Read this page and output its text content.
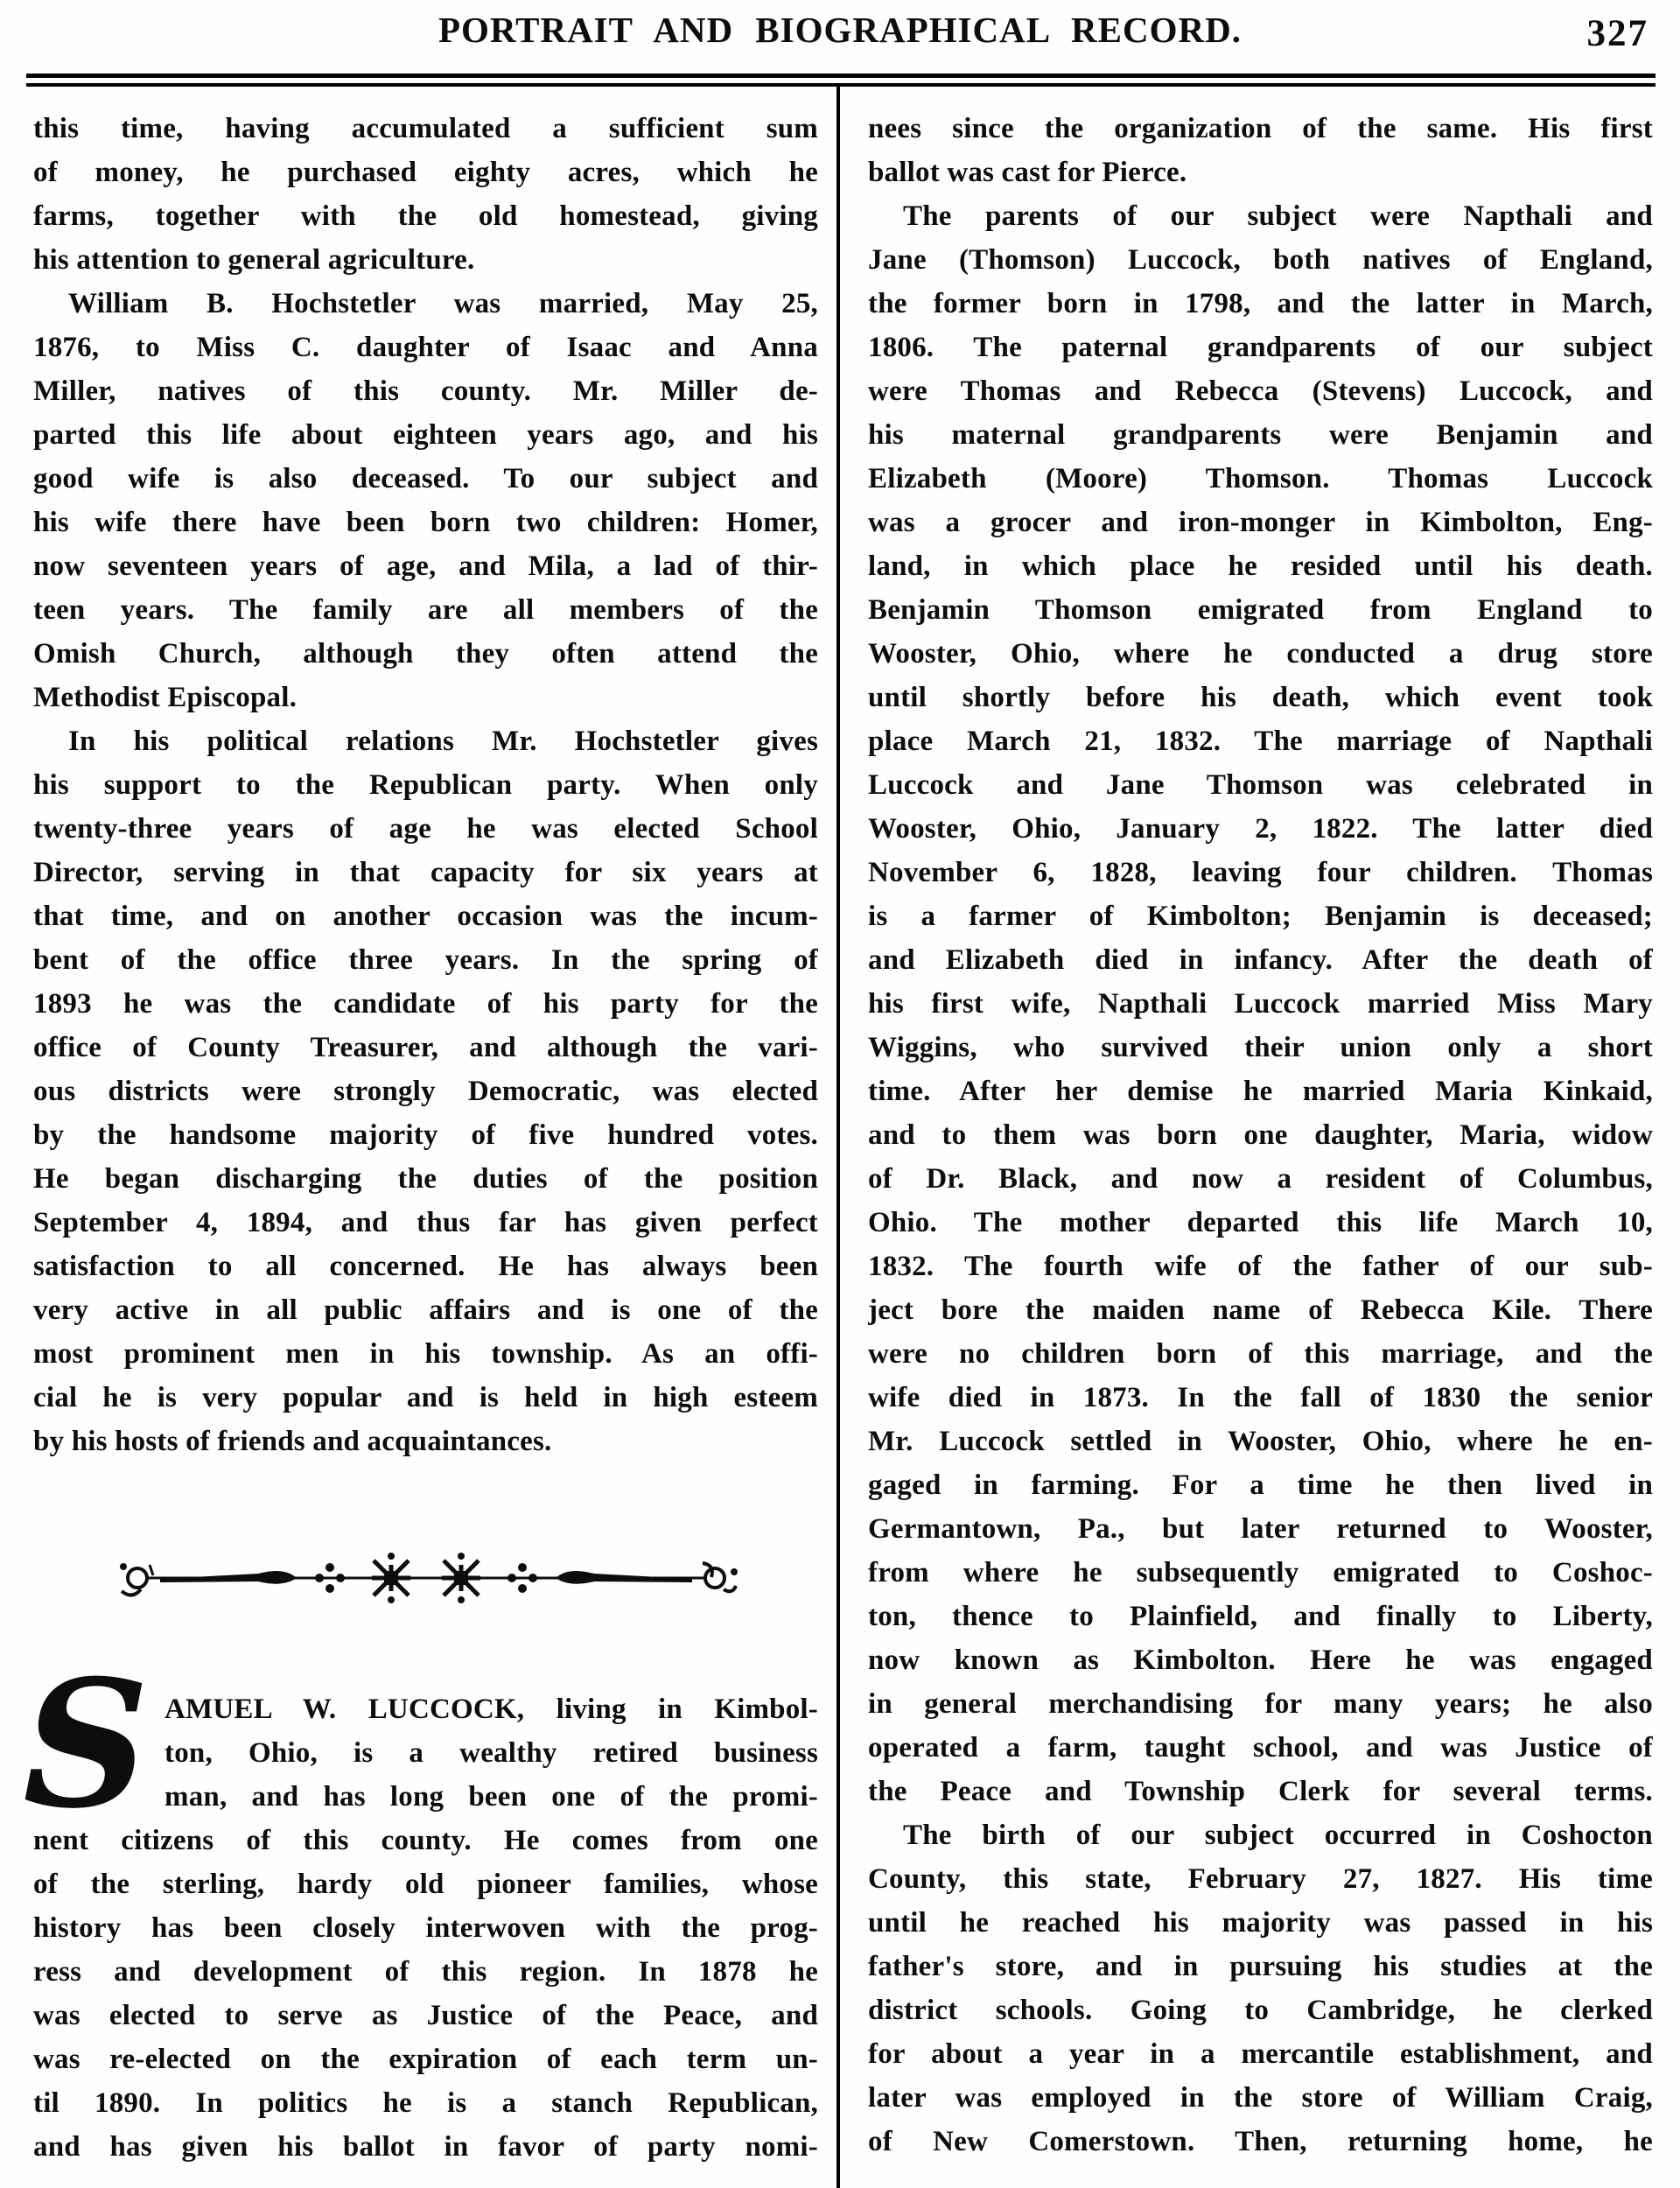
PORTRAIT AND BIOGRAPHICAL RECORD.	327
this time, having accumulated a sufficient sum
of money, he purchased eighty acres, which he
farms, together with the old homestead, giving
his attention to general agriculture.
William B. Hochstetler was married, May 25,
1876, to Miss C. daughter of Isaac and Anna
Miller, natives of this county. Mr. Miller de-
parted this life about eighteen years ago, and his
good wife is also deceased. To our subject and
his wife there have been born two children: Homer,
now seventeen years of age, and Mila, a lad of thir-
teen years. The family are all members of the
Omish Church, although they often attend the
Methodist Episcopal.
In his political relations Mr. Hochstetler gives
his support to the Republican party. When only
twenty-three years of age he was elected School
Director, serving in that capacity for six years at
that time, and on another occasion was the incum-
bent of the office three years. In the spring of
1893 he was the candidate of his party for the
office of County Treasurer, and although the vari-
ous districts were strongly Democratic, was elected
by the handsome majority of five hundred votes.
He began discharging the duties of the position
September 4, 1894, and thus far has given perfect
satisfaction to all concerned. He has always been
very active in all public affairs and is one of the
most prominent men in his township. As an offi-
cial he is very popular and is held in high esteem
by his hosts of friends and acquaintances.
S AMUEL W. LUCCOCK, living in Kimbol-
ton, Ohio, is a wealthy retired business
man, and has long been one of the promi-
nent citizens of this county. He comes from one
of the sterling, hardy old pioneer families, whose
history has been closely interwoven with the prog-
ress and development of this region. In 1878 he
was elected to serve as Justice of the Peace, and
was re-elected on the expiration of each term un-
til 1890. In politics he is a stanch Republican,
and has given his ballot in favor of party nomi-
nees since the organization of the same. His first
ballot was cast for Pierce.
The parents of our subject were Napthali and
Jane (Thomson) Luccock, both natives of England,
the former born in 1798, and the latter in March,
1806. The paternal grandparents of our subject
were Thomas and Rebecca (Stevens) Luccock, and
his maternal grandparents were Benjamin and
Elizabeth (Moore) Thomson. Thomas Luccock
was a grocer and iron-monger in Kimbolton, Eng-
land, in which place he resided until his death.
Benjamin Thomson emigrated from England to
Wooster, Ohio, where he conducted a drug store
until shortly before his death, which event took
place March 21, 1832. The marriage of Napthali
Luccock and Jane Thomson was celebrated in
Wooster, Ohio, January 2, 1822. The latter died
November 6, 1828, leaving four children. Thomas
is a farmer of Kimbolton; Benjamin is deceased;
and Elizabeth died in infancy. After the death of
his first wife, Napthali Luccock married Miss Mary
Wiggins, who survived their union only a short
time. After her demise he married Maria Kinkaid,
and to them was born one daughter, Maria, widow
of Dr. Black, and now a resident of Columbus,
Ohio. The mother departed this life March 10,
1832. The fourth wife of the father of our sub-
ject bore the maiden name of Rebecca Kile. There
were no children born of this marriage, and the
wife died in 1873. In the fall of 1830 the senior
Mr. Luccock settled in Wooster, Ohio, where he en-
gaged in farming. For a time he then lived in
Germantown, Pa., but later returned to Wooster,
from where he subsequently emigrated to Coshoc-
ton, thence to Plainfield, and finally to Liberty,
now known as Kimbolton. Here he was engaged
in general merchandising for many years; he also
operated a farm, taught school, and was Justice of
the Peace and Township Clerk for several terms.
The birth of our subject occurred in Coshocton
County, this state, February 27, 1827. His time
until he reached his majority was passed in his
father's store, and in pursuing his studies at the
district schools. Going to Cambridge, he clerked
for about a year in a mercantile establishment, and
later was employed in the store of William Craig,
of New Comerstown. Then, returning home, he
